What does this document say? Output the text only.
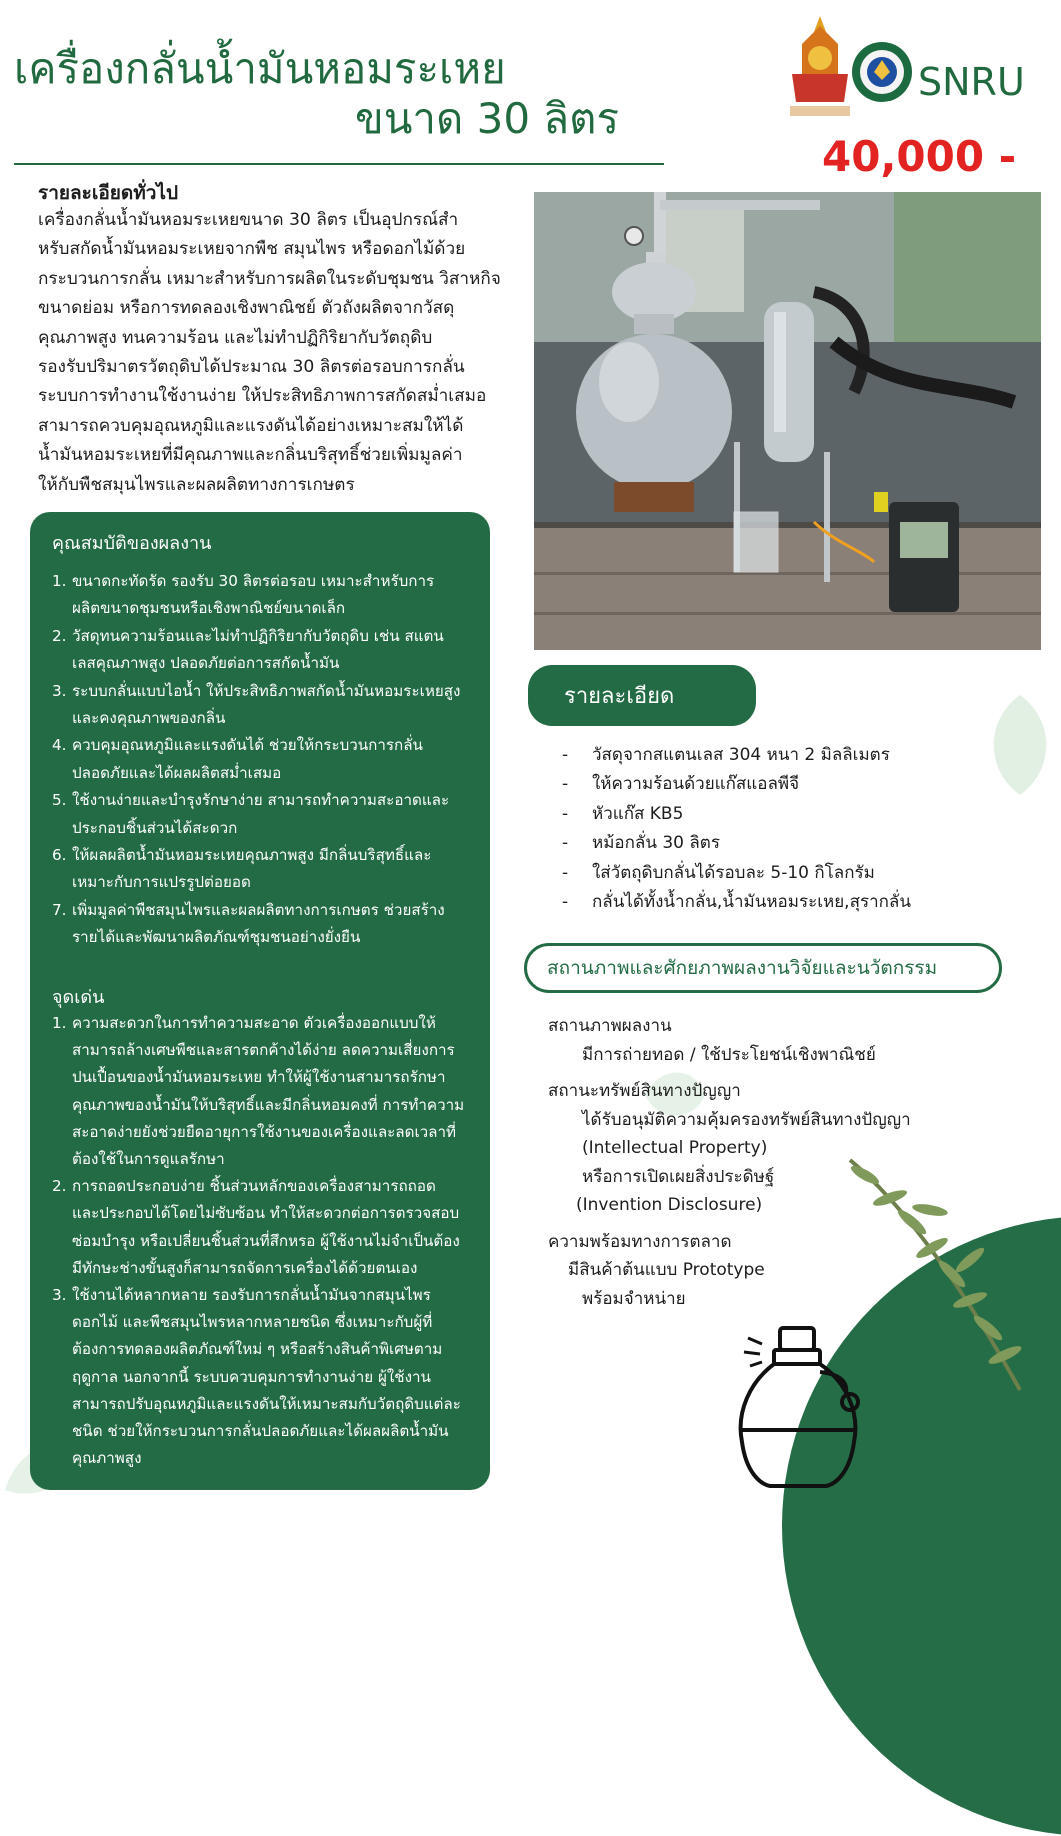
เครื่องกลั่นน้ำมันหอมระเหย
ขนาด 30 ลิตร
SNRU
40,000 -
รายละเอียดทั่วไป
เครื่องกลั่นน้ำมันหอมระเหยขนาด 30 ลิตร เป็นอุปกรณ์สำ
หรับสกัดน้ำมันหอมระเหยจากพืช สมุนไพร หรือดอกไม้ด้วย
กระบวนการกลั่น เหมาะสำหรับการผลิตในระดับชุมชน วิสาหกิจ
ขนาดย่อม หรือการทดลองเชิงพาณิชย์ ตัวถังผลิตจากวัสดุ
คุณภาพสูง ทนความร้อน และไม่ทำปฏิกิริยากับวัตถุดิบ
รองรับปริมาตรวัตถุดิบได้ประมาณ 30 ลิตรต่อรอบการกลั่น
ระบบการทำงานใช้งานง่าย ให้ประสิทธิภาพการสกัดสม่ำเสมอ
สามารถควบคุมอุณหภูมิและแรงดันได้อย่างเหมาะสมให้ได้
น้ำมันหอมระเหยที่มีคุณภาพและกลิ่นบริสุทธิ์ช่วยเพิ่มมูลค่า
ให้กับพืชสมุนไพรและผลผลิตทางการเกษตร
คุณสมบัติของผลงาน
1. ขนาดกะทัดรัด รองรับ 30 ลิตรต่อรอบ เหมาะสำหรับการ
ผลิตขนาดชุมชนหรือเชิงพาณิชย์ขนาดเล็ก
2. วัสดุทนความร้อนและไม่ทำปฏิกิริยากับวัตถุดิบ เช่น สแตน
เลสคุณภาพสูง ปลอดภัยต่อการสกัดน้ำมัน
3. ระบบกลั่นแบบไอน้ำ ให้ประสิทธิภาพสกัดน้ำมันหอมระเหยสูง
และคงคุณภาพของกลิ่น
4. ควบคุมอุณหภูมิและแรงดันได้ ช่วยให้กระบวนการกลั่น
ปลอดภัยและได้ผลผลิตสม่ำเสมอ
5. ใช้งานง่ายและบำรุงรักษาง่าย สามารถทำความสะอาดและ
ประกอบชิ้นส่วนได้สะดวก
6. ให้ผลผลิตน้ำมันหอมระเหยคุณภาพสูง มีกลิ่นบริสุทธิ์และ
เหมาะกับการแปรรูปต่อยอด
7. เพิ่มมูลค่าพืชสมุนไพรและผลผลิตทางการเกษตร ช่วยสร้าง
รายได้และพัฒนาผลิตภัณฑ์ชุมชนอย่างยั่งยืน
จุดเด่น
1. ความสะดวกในการทำความสะอาด ตัวเครื่องออกแบบให้
สามารถล้างเศษพืชและสารตกค้างได้ง่าย ลดความเสี่ยงการ
ปนเปื้อนของน้ำมันหอมระเหย ทำให้ผู้ใช้งานสามารถรักษา
คุณภาพของน้ำมันให้บริสุทธิ์และมีกลิ่นหอมคงที่ การทำความ
สะอาดง่ายยังช่วยยืดอายุการใช้งานของเครื่องและลดเวลาที่
ต้องใช้ในการดูแลรักษา
2. การถอดประกอบง่าย ชิ้นส่วนหลักของเครื่องสามารถถอด
และประกอบได้โดยไม่ซับซ้อน ทำให้สะดวกต่อการตรวจสอบ
ซ่อมบำรุง หรือเปลี่ยนชิ้นส่วนที่สึกหรอ ผู้ใช้งานไม่จำเป็นต้อง
มีทักษะช่างขั้นสูงก็สามารถจัดการเครื่องได้ด้วยตนเอง
3. ใช้งานได้หลากหลาย รองรับการกลั่นน้ำมันจากสมุนไพร
ดอกไม้ และพืชสมุนไพรหลากหลายชนิด ซึ่งเหมาะกับผู้ที่
ต้องการทดลองผลิตภัณฑ์ใหม่ ๆ หรือสร้างสินค้าพิเศษตาม
ฤดูกาล นอกจากนี้ ระบบควบคุมการทำงานง่าย ผู้ใช้งาน
สามารถปรับอุณหภูมิและแรงดันให้เหมาะสมกับวัตถุดิบแต่ละ
ชนิด ช่วยให้กระบวนการกลั่นปลอดภัยและได้ผลผลิตน้ำมัน
คุณภาพสูง
รายละเอียด
-	วัสดุจากสแตนเลส 304 หนา 2 มิลลิเมตร
-	ให้ความร้อนด้วยแก๊สแอลพีจี
-	หัวแก๊ส KB5
-	หม้อกลั่น 30 ลิตร
-	ใส่วัตถุดิบกลั่นได้รอบละ 5-10 กิโลกรัม
-	กลั่นได้ทั้งน้ำกลั่น,น้ำมันหอมระเหย,สุรากลั่น
สถานภาพและศักยภาพผลงานวิจัยและนวัตกรรม
สถานภาพผลงาน
มีการถ่ายทอด / ใช้ประโยชน์เชิงพาณิชย์
สถานะทรัพย์สินทางปัญญา
ได้รับอนุมัติความคุ้มครองทรัพย์สินทางปัญญา
(Intellectual Property)
หรือการเปิดเผยสิ่งประดิษฐ์
(Invention Disclosure)
ความพร้อมทางการตลาด
มีสินค้าต้นแบบ Prototype
พร้อมจำหน่าย
